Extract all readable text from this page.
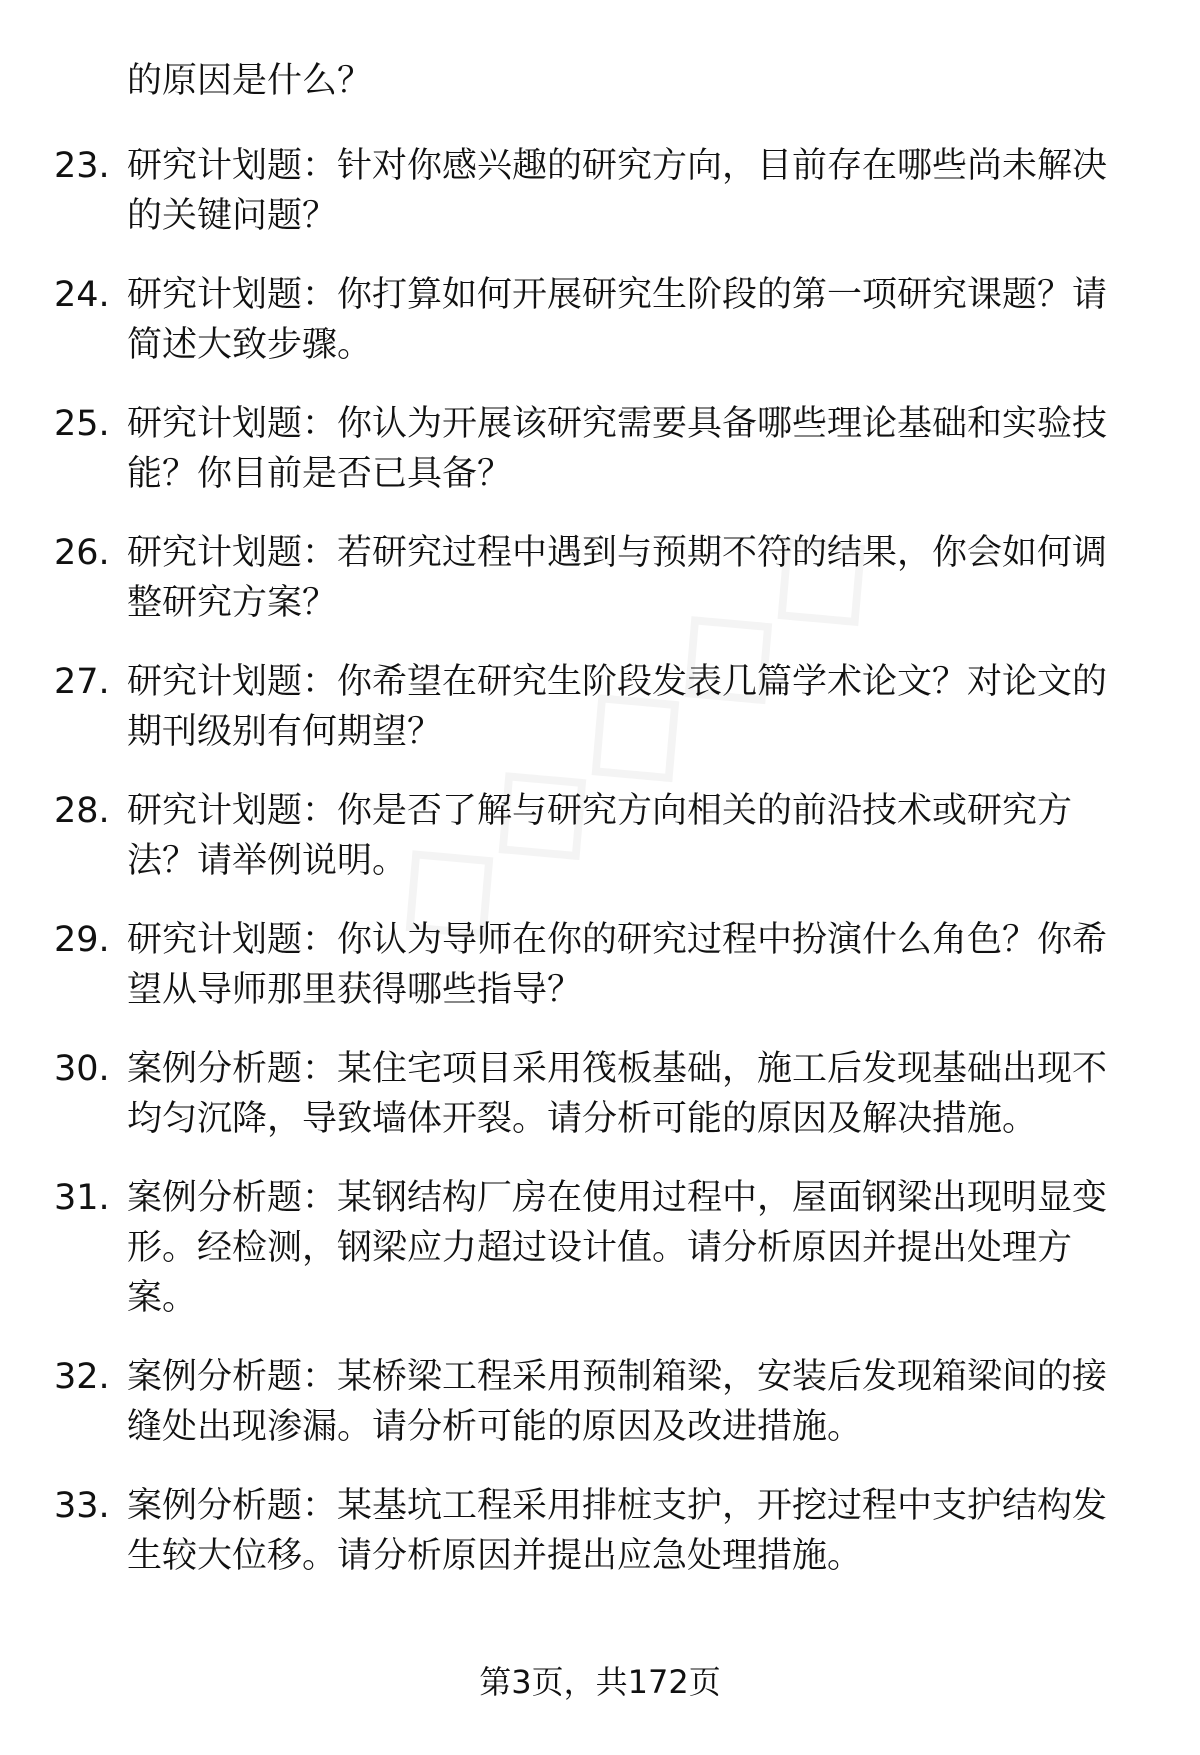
的原因是什么？

23. 研究计划题：针对你感兴趣的研究方向，目前存在哪些尚未解决的关键问题？
24. 研究计划题：你打算如何开展研究生阶段的第一项研究课题？请简述大致步骤。
25. 研究计划题：你认为开展该研究需要具备哪些理论基础和实验技能？你目前是否已具备？
26. 研究计划题：若研究过程中遇到与预期不符的结果，你会如何调整研究方案？
27. 研究计划题：你希望在研究生阶段发表几篇学术论文？对论文的期刊级别有何期望？
28. 研究计划题：你是否了解与研究方向相关的前沿技术或研究方法？请举例说明。
29. 研究计划题：你认为导师在你的研究过程中扮演什么角色？你希望从导师那里获得哪些指导？
30. 案例分析题：某住宅项目采用筏板基础，施工后发现基础出现不均匀沉降，导致墙体开裂。请分析可能的原因及解决措施。
31. 案例分析题：某钢结构厂房在使用过程中，屋面钢梁出现明显变形。经检测，钢梁应力超过设计值。请分析原因并提出处理方案。
32. 案例分析题：某桥梁工程采用预制箱梁，安装后发现箱梁间的接缝处出现渗漏。请分析可能的原因及改进措施。
33. 案例分析题：某基坑工程采用排桩支护，开挖过程中支护结构发生较大位移。请分析原因并提出应急处理措施。
第3页，共172页
